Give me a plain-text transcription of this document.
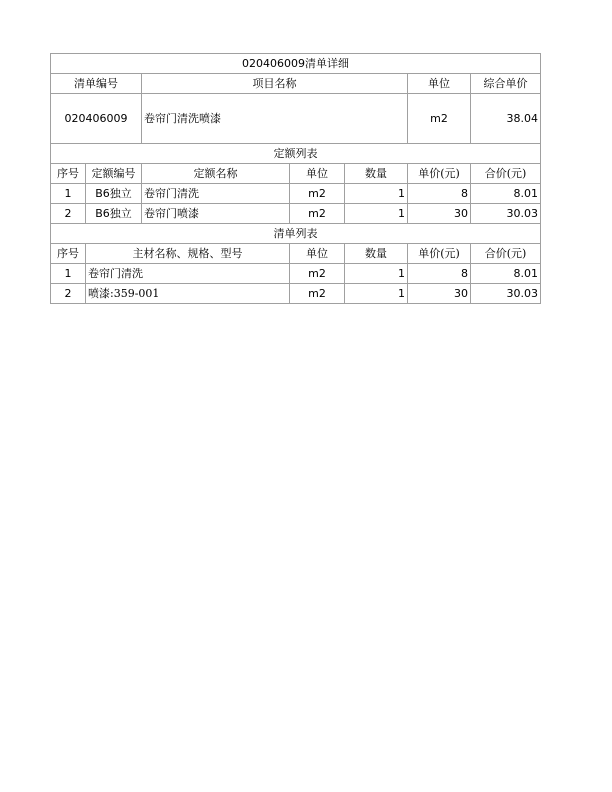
020406009清单详细						
清单编号		项目名称			单位	综合单价
020406009		卷帘门清洗喷漆			m2	38.04
定额列表						
序号	定额编号	定额名称	单位	数量	单价(元)	合价(元)
1	B6独立	卷帘门清洗	m2	1	8	8.01
2	B6独立	卷帘门喷漆	m2	1	30	30.03
清单列表						
序号	主材名称、规格、型号		单位	数量	单价(元)	合价(元)
1	卷帘门清洗		m2	1	8	8.01
2	喷漆:359-001		m2	1	30	30.03
